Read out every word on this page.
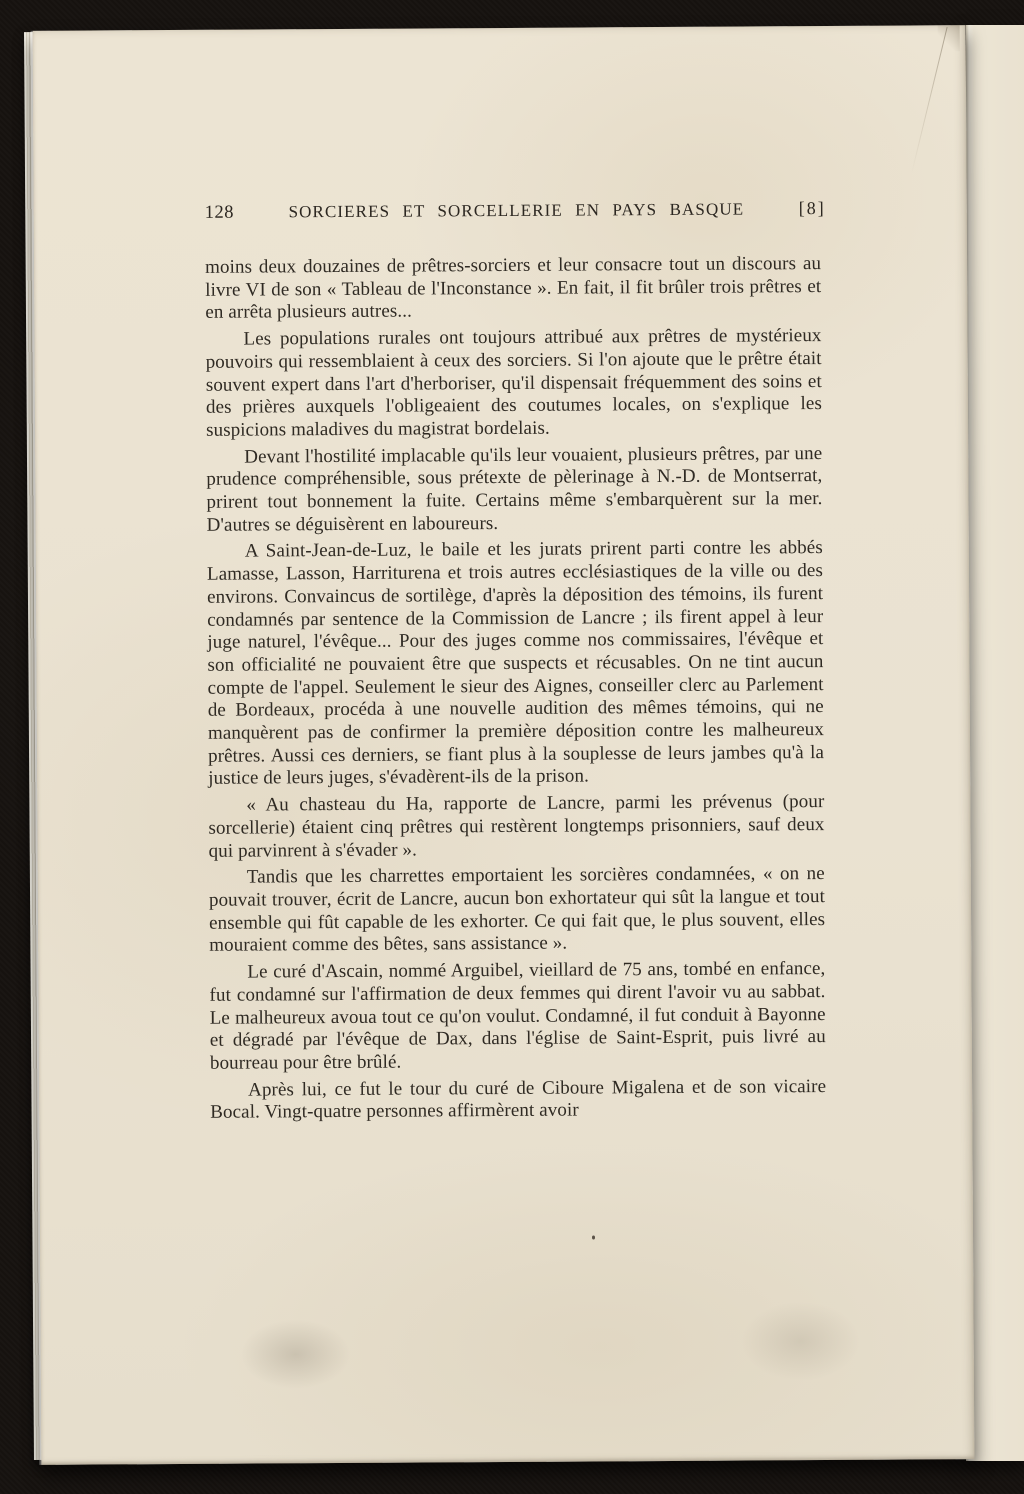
128	SORCIERES ET SORCELLERIE EN PAYS BASQUE	[8]

moins deux douzaines de prêtres-sorciers et leur consacre tout un discours au livre VI de son « Tableau de l'Inconstance ». En fait, il fit brûler trois prêtres et en arrêta plusieurs autres...

Les populations rurales ont toujours attribué aux prêtres de mystérieux pouvoirs qui ressemblaient à ceux des sorciers. Si l'on ajoute que le prêtre était souvent expert dans l'art d'herboriser, qu'il dispensait fréquemment des soins et des prières auxquels l'obligeaient des coutumes locales, on s'explique les suspicions maladives du magistrat bordelais.

Devant l'hostilité implacable qu'ils leur vouaient, plusieurs prêtres, par une prudence compréhensible, sous prétexte de pèlerinage à N.-D. de Montserrat, prirent tout bonnement la fuite. Certains même s'embarquèrent sur la mer. D'autres se déguisèrent en laboureurs.

A Saint-Jean-de-Luz, le baile et les jurats prirent parti contre les abbés Lamasse, Lasson, Harriturena et trois autres ecclésiastiques de la ville ou des environs. Convaincus de sortilège, d'après la déposition des témoins, ils furent condamnés par sentence de la Commission de Lancre ; ils firent appel à leur juge naturel, l'évêque... Pour des juges comme nos commissaires, l'évêque et son officialité ne pouvaient être que suspects et récusables. On ne tint aucun compte de l'appel. Seulement le sieur des Aignes, conseiller clerc au Parlement de Bordeaux, procéda à une nouvelle audition des mêmes témoins, qui ne manquèrent pas de confirmer la première déposition contre les malheureux prêtres. Aussi ces derniers, se fiant plus à la souplesse de leurs jambes qu'à la justice de leurs juges, s'évadèrent-ils de la prison.

« Au chasteau du Ha, rapporte de Lancre, parmi les prévenus (pour sorcellerie) étaient cinq prêtres qui restèrent longtemps prisonniers, sauf deux qui parvinrent à s'évader ».

Tandis que les charrettes emportaient les sorcières condamnées, « on ne pouvait trouver, écrit de Lancre, aucun bon exhortateur qui sût la langue et tout ensemble qui fût capable de les exhorter. Ce qui fait que, le plus souvent, elles mouraient comme des bêtes, sans assistance ».

Le curé d'Ascain, nommé Arguibel, vieillard de 75 ans, tombé en enfance, fut condamné sur l'affirmation de deux femmes qui dirent l'avoir vu au sabbat. Le malheureux avoua tout ce qu'on voulut. Condamné, il fut conduit à Bayonne et dégradé par l'évêque de Dax, dans l'église de Saint-Esprit, puis livré au bourreau pour être brûlé.

Après lui, ce fut le tour du curé de Ciboure Migalena et de son vicaire Bocal. Vingt-quatre personnes affirmèrent avoir
